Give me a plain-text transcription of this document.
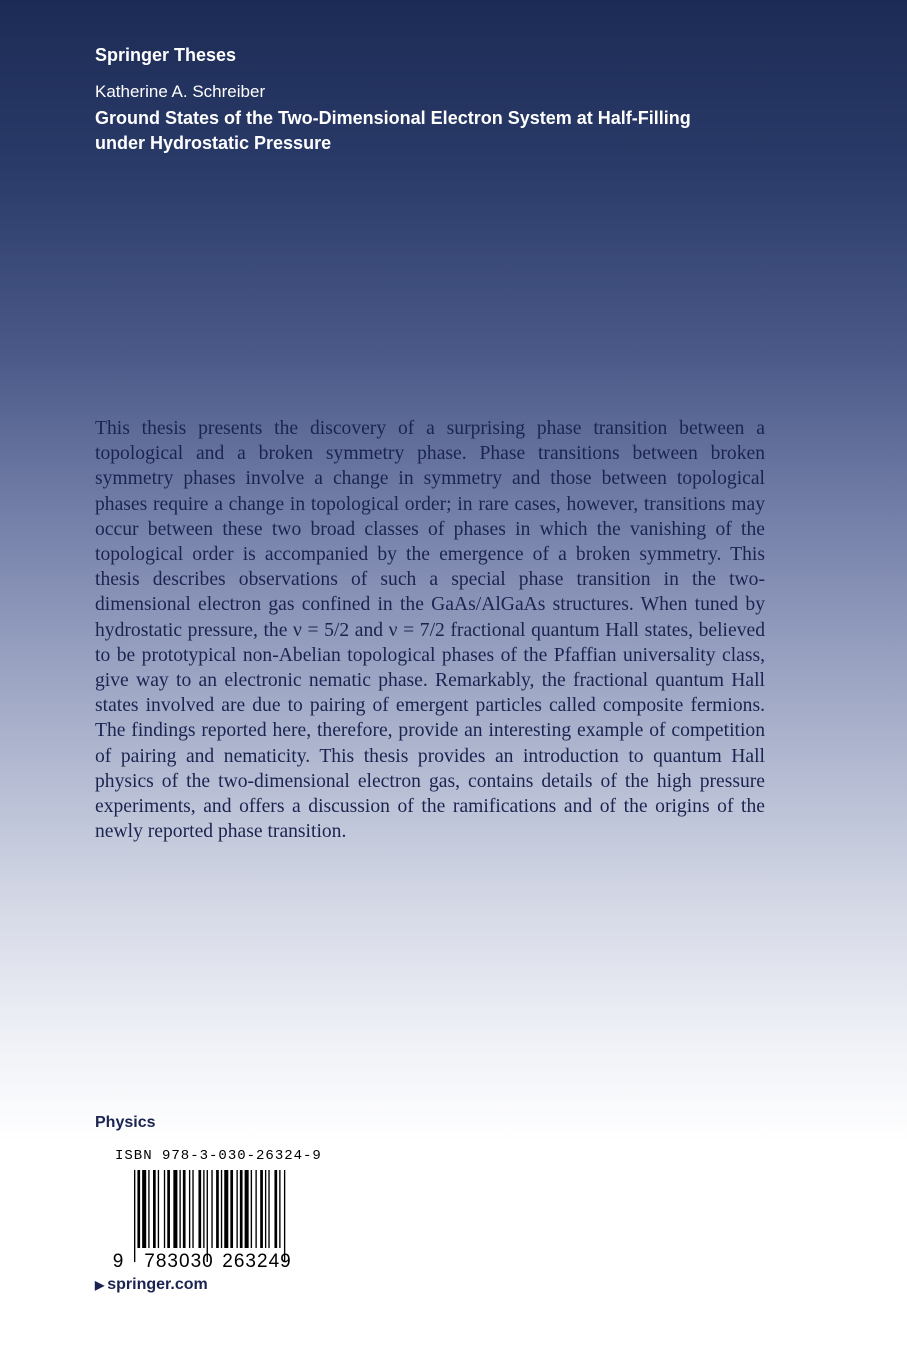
Springer Theses
Katherine A. Schreiber
Ground States of the Two-Dimensional Electron System at Half-Filling under Hydrostatic Pressure
This thesis presents the discovery of a surprising phase transition between a topological and a broken symmetry phase. Phase transitions between broken symmetry phases involve a change in symmetry and those between topological phases require a change in topological order; in rare cases, however, transitions may occur between these two broad classes of phases in which the vanishing of the topological order is accompanied by the emergence of a broken symmetry. This thesis describes observations of such a special phase transition in the two-dimensional electron gas confined in the GaAs/AlGaAs structures. When tuned by hydrostatic pressure, the ν = 5/2 and ν = 7/2 fractional quantum Hall states, believed to be prototypical non-Abelian topological phases of the Pfaffian universality class, give way to an electronic nematic phase. Remarkably, the fractional quantum Hall states involved are due to pairing of emergent particles called composite fermions. The findings reported here, therefore, provide an interesting example of competition of pairing and nematicity. This thesis provides an introduction to quantum Hall physics of the two-dimensional electron gas, contains details of the high pressure experiments, and offers a discussion of the ramifications and of the origins of the newly reported phase transition.
Physics
ISBN 978-3-030-26324-9
9 783030 263249
▶ springer.com
